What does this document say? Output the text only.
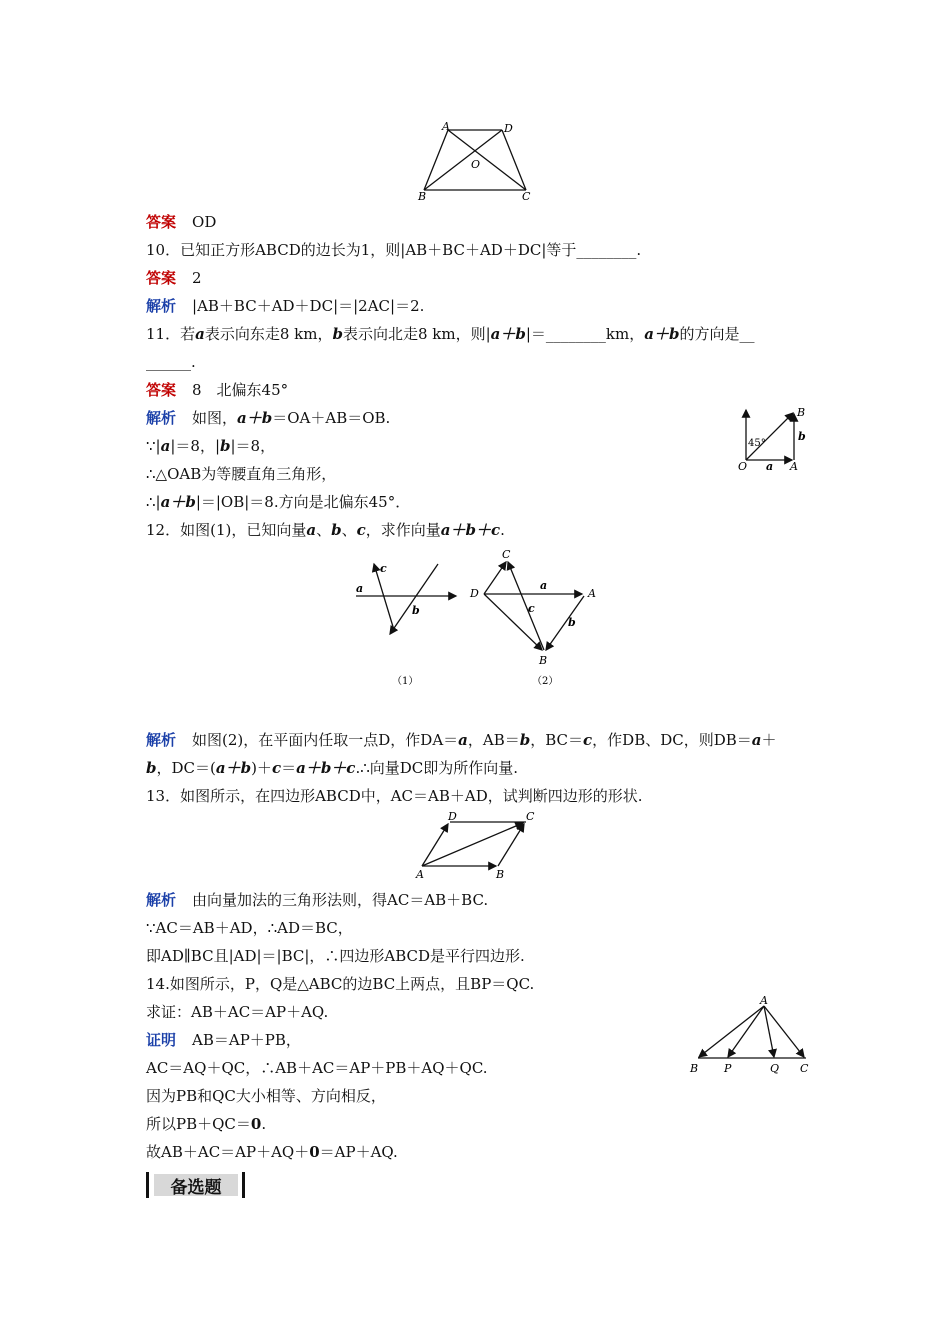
A	D
O
B	C
答案 OD
10．已知正方形ABCD的边长为1，则|AB＋BC＋AD＋DC|等于________.
答案 2
解析 |AB＋BC＋AD＋DC|＝|2AC|＝2.
11．若a表示向东走8 km，b表示向北走8 km，则|a＋b|＝________km，a＋b的方向是__
______.
答案 8　北偏东45°
解析 如图，a＋b＝OA＋AB＝OB.
∵|a|＝8，|b|＝8，
∴△OAB为等腰直角三角形，
∴|a＋b|＝|OB|＝8.方向是北偏东45°．
B
b
45°
O a A
12．如图(1)，已知向量a、b、c，求作向量a＋b＋c.
a
c
b
（1）
C
D
a
A
c
b
B
（2）
解析 如图(2)，在平面内任取一点D，作DA＝a，AB＝b，BC＝c，作DB、DC，则DB＝a＋
b，DC＝(a＋b)＋c＝a＋b＋c.∴向量DC即为所作向量.
13．如图所示，在四边形ABCD中，AC＝AB＋AD，试判断四边形的形状.
D	C
A	B
解析 由向量加法的三角形法则，得AC＝AB＋BC.
∵AC＝AB＋AD，∴AD＝BC，
即AD∥BC且|AD|＝|BC|，∴四边形ABCD是平行四边形.
14.如图所示，P，Q是△ABC的边BC上两点，且BP＝QC.
求证：AB＋AC＝AP＋AQ.
证明 AB＝AP＋PB，
AC＝AQ＋QC，∴AB＋AC＝AP＋PB＋AQ＋QC.
因为PB和QC大小相等、方向相反，
所以PB＋QC＝0.
故AB＋AC＝AP＋AQ＋0＝AP＋AQ.
A
B P	Q C
备选题
